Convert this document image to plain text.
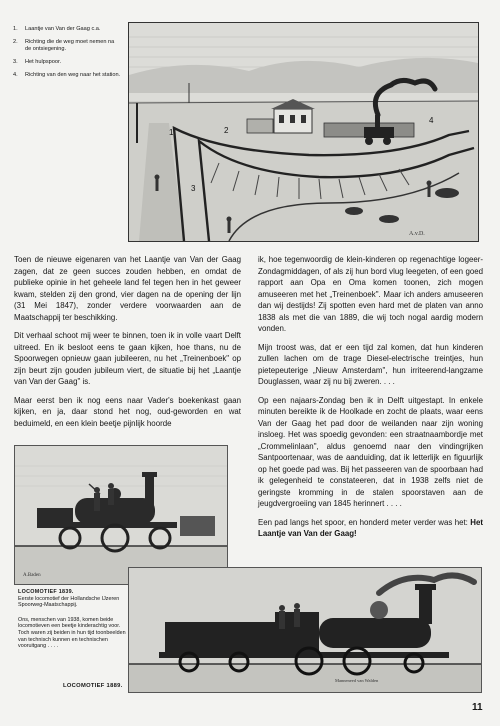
1.	Laantje van Van der Gaag c.a.
2.	Richting die de weg moet nemen na de ontsiegening.
3.	Het hulpspoor.
4.	Richting van den weg naar het station.
1	2
3
4
A.v.D.

Toen de nieuwe eigenaren van het Laantje van Van der Gaag zagen, dat ze geen succes zouden hebben, en omdat de publieke opinie in het geheele land fel tegen hen in het geweer kwam, stelden zij den grond, vier dagen na de opening der lijn (31 Mei 1847), zonder verdere voorwaarden aan de Maatschappij ter beschikking.

Dit verhaal schoot mij weer te binnen, toen ik in volle vaart Delft uitreed. En ik besloot eens te gaan kijken, hoe thans, nu de Spoorwegen opnieuw gaan jubileeren, nu het „Treinenboek" op zijn beurt zijn gouden jubileum viert, de situatie bij het „Laantje van Van der Gaag" is.

Maar eerst ben ik nog eens naar Vader's boekenkast gaan kijken, en ja, daar stond het nog, oud-geworden en wat beduimeld, en een klein beetje pijnlijk hoorde

ik, hoe tegenwoordig de klein-kinderen op regenachtige logeer-Zondagmiddagen, of als zij hun bord vlug leegeten, of een goed rapport aan Opa en Oma komen toonen, zich mogen amuseeren met het „Treinenboek". Maar ich anders amuseeren dan wij destijds! Zij spotten even hard met de platen van anno 1838 als met die van 1889, die wij toch nogal aardig modern vonden.

Mijn troost was, dat er een tijd zal komen, dat hun kinderen zullen lachen om de trage Diesel-electrische treintjes, hun pietepeuterige „Nieuw Amsterdam", hun irriteerend-langzame Douglassen, waar zij nu bij zweren. . . .

Op een najaars-Zondag ben ik in Delft uitgestapt. In enkele minuten bereikte ik de Hoolkade en zocht de plaats, waar eens Van der Gaag het pad door de weilanden naar zijn woning insloeg. Het was spoedig gevonden: een straatnaambordje met „Crommelinlaan", aldus genoemd naar den vindingrijken Santpoortenaar, was de aanduiding, dat ik letterlijk en figuurlijk op het goede pad was. Bij het passeeren van de spoorbaan had ik gelegenheid te constateeren, dat in 1938 zelfs niet de geringste kromming in de stalen spoorstaven aan de jeugdvergroeiing van 1845 herinnert . . . .

Een pad langs het spoor, en honderd meter verder was het: Het Laantje van Van der Gaag!

A.Baden
LOCOMOTIEF 1839.
Eerste locomotief der Hollandsche IJzeren Spoorweg-Maatschappij.
Ons, menschen van 1938, komen beide locomotieven een beetje kinderachtig voor. Toch waren zij beiden in hun tijd toonbeelden van technisch kunnen en technischen vooruitgang . . . .
Manneneed van Walden
LOCOMOTIEF 1889.
11
